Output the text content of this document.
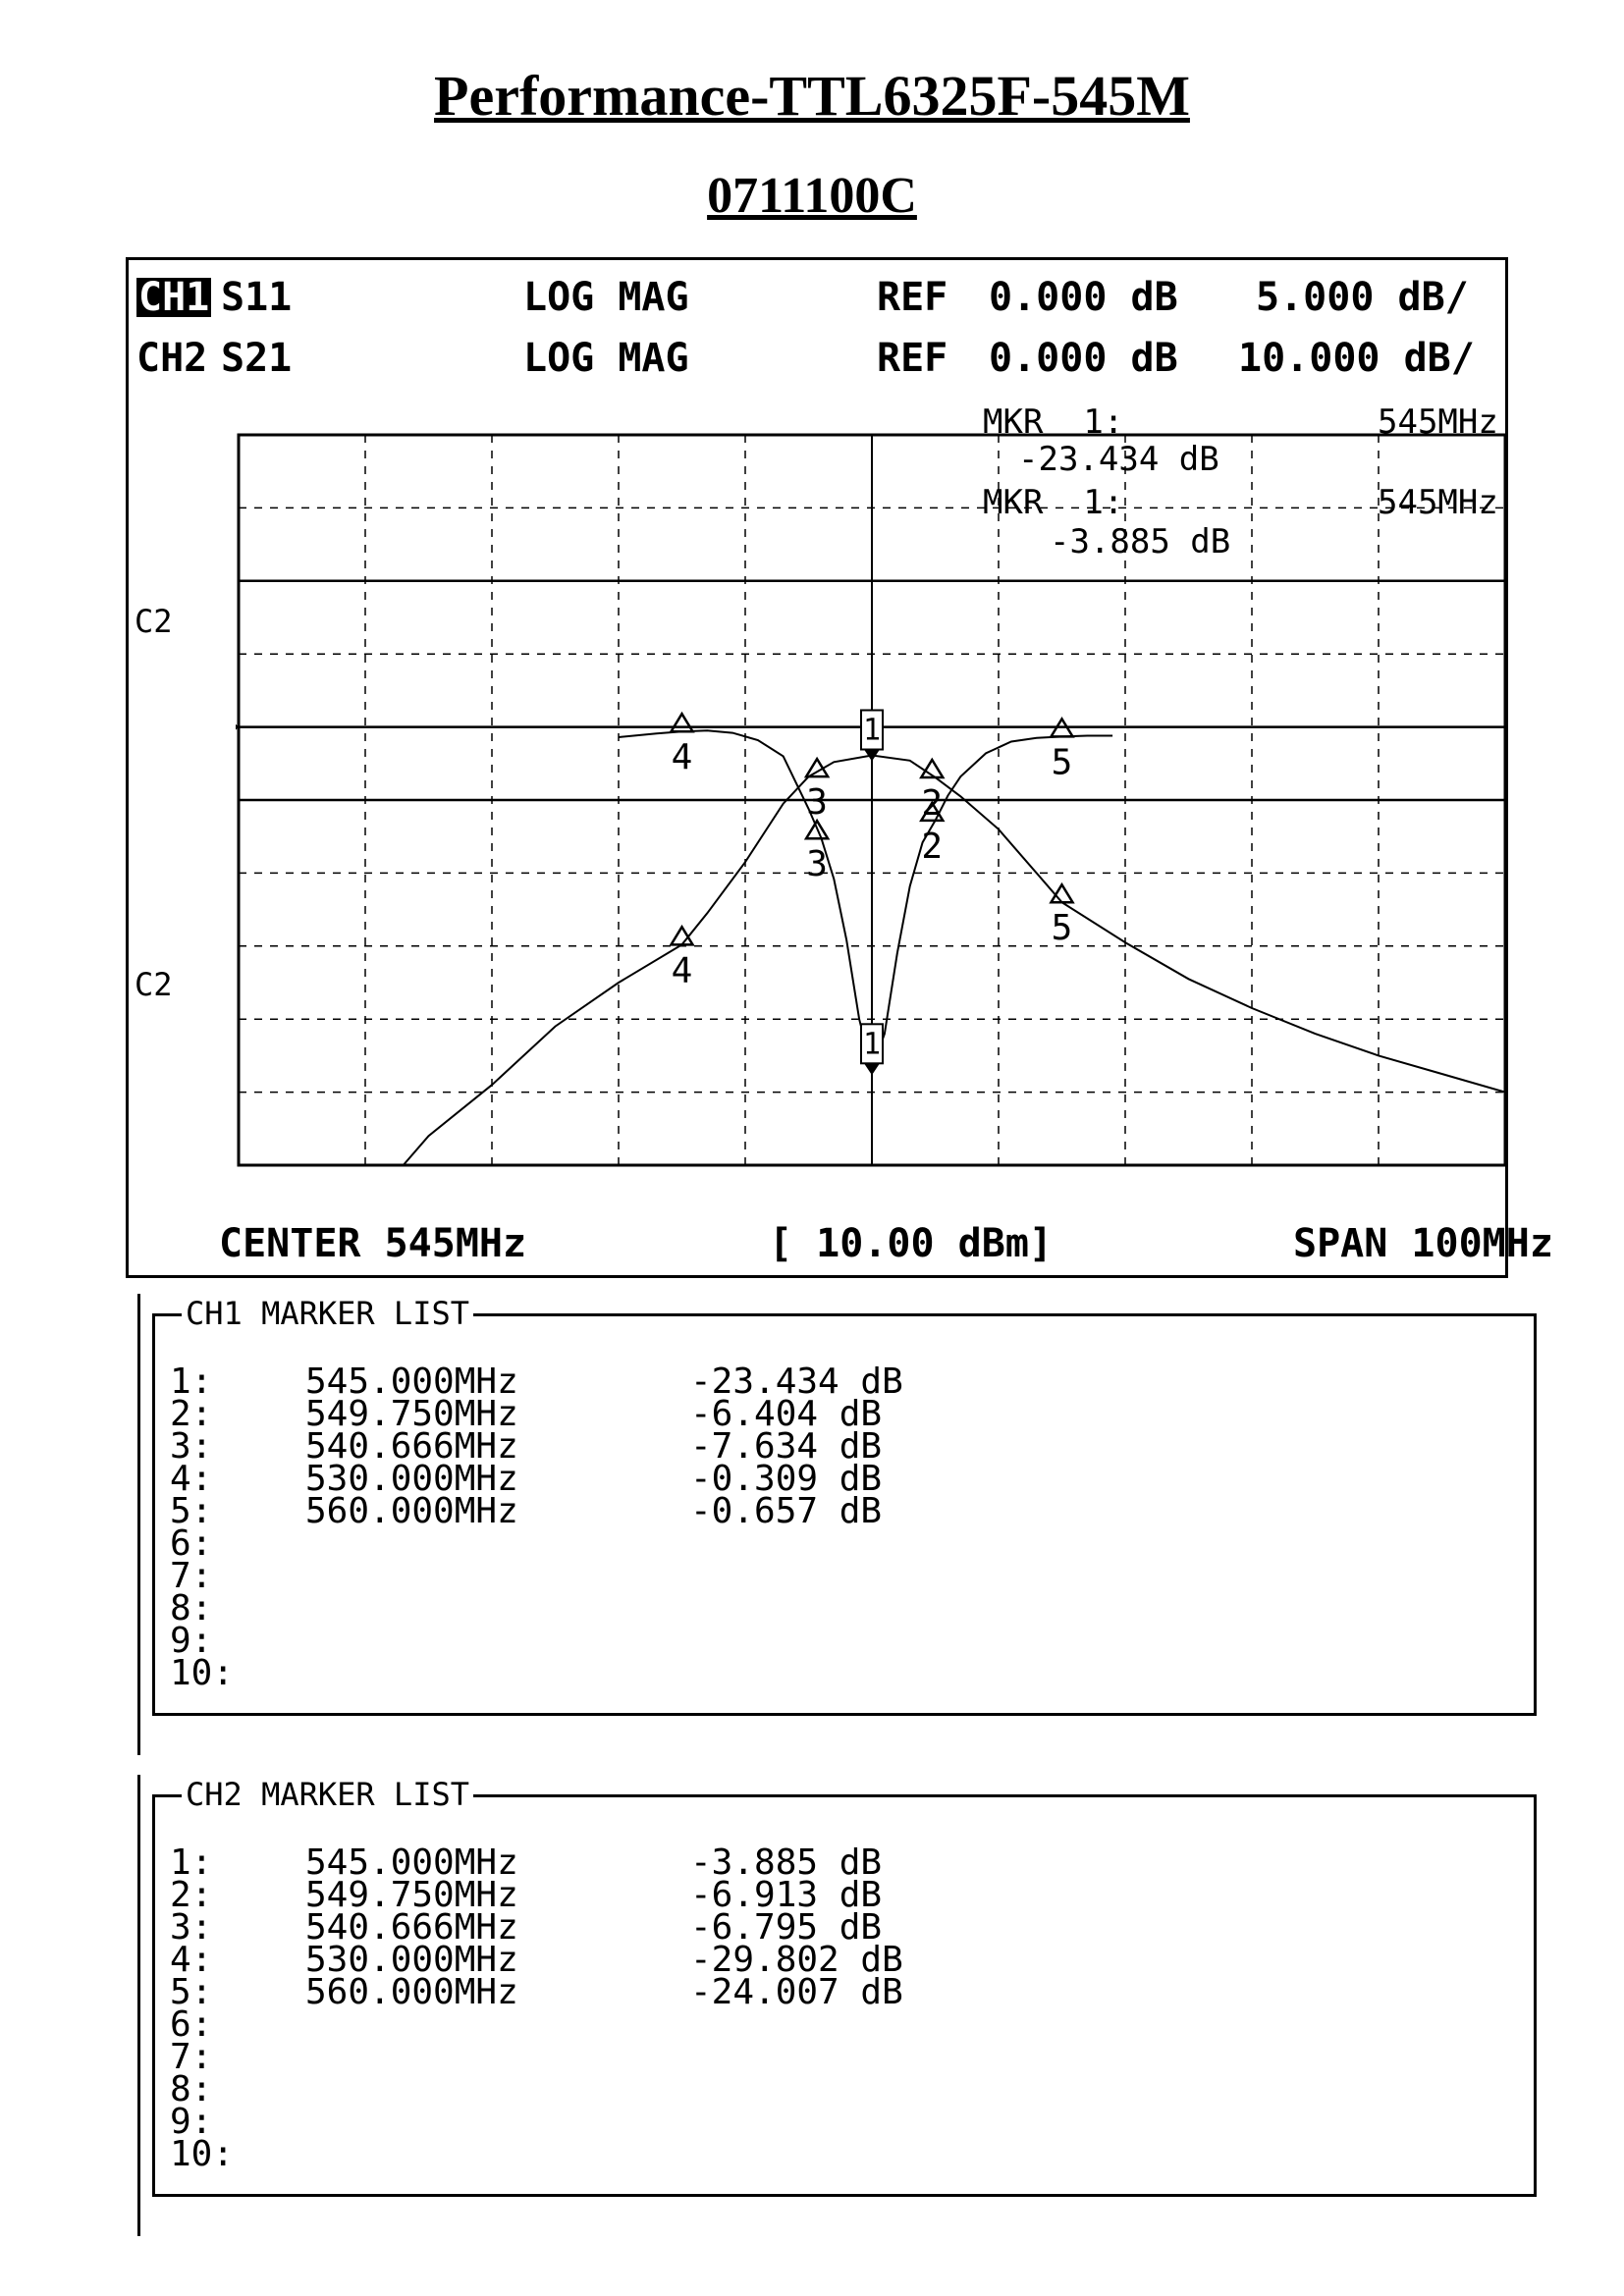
Performance-TTL6325F-545M
0711100C
CH1 S11	LOG MAG	REF 0.000 dB 5.000 dB/
CH2 S21	LOG MAG	REF 0.000 dB 10.000 dB/
MKR  1:	545MHz
-23.434 dB
MKR  1:	545MHz
-3.885 dB
C2
C2
CENTER 545MHz	[ 10.00 dBm]	SPAN 100MHz
1
2
3
4	5
1
2
3
4
5
CH1 MARKER LIST
1:	545.000MHz	-23.434 dB
2:	549.750MHz	-6.404 dB
3:	540.666MHz	-7.634 dB
4:	530.000MHz	-0.309 dB
5:	560.000MHz	-0.657 dB
6:
7:
8:
9:
10:
CH2 MARKER LIST
1:	545.000MHz	-3.885 dB
2:	549.750MHz	-6.913 dB
3:	540.666MHz	-6.795 dB
4:	530.000MHz	-29.802 dB
5:	560.000MHz	-24.007 dB
6:
7:
8:
9:
10:
